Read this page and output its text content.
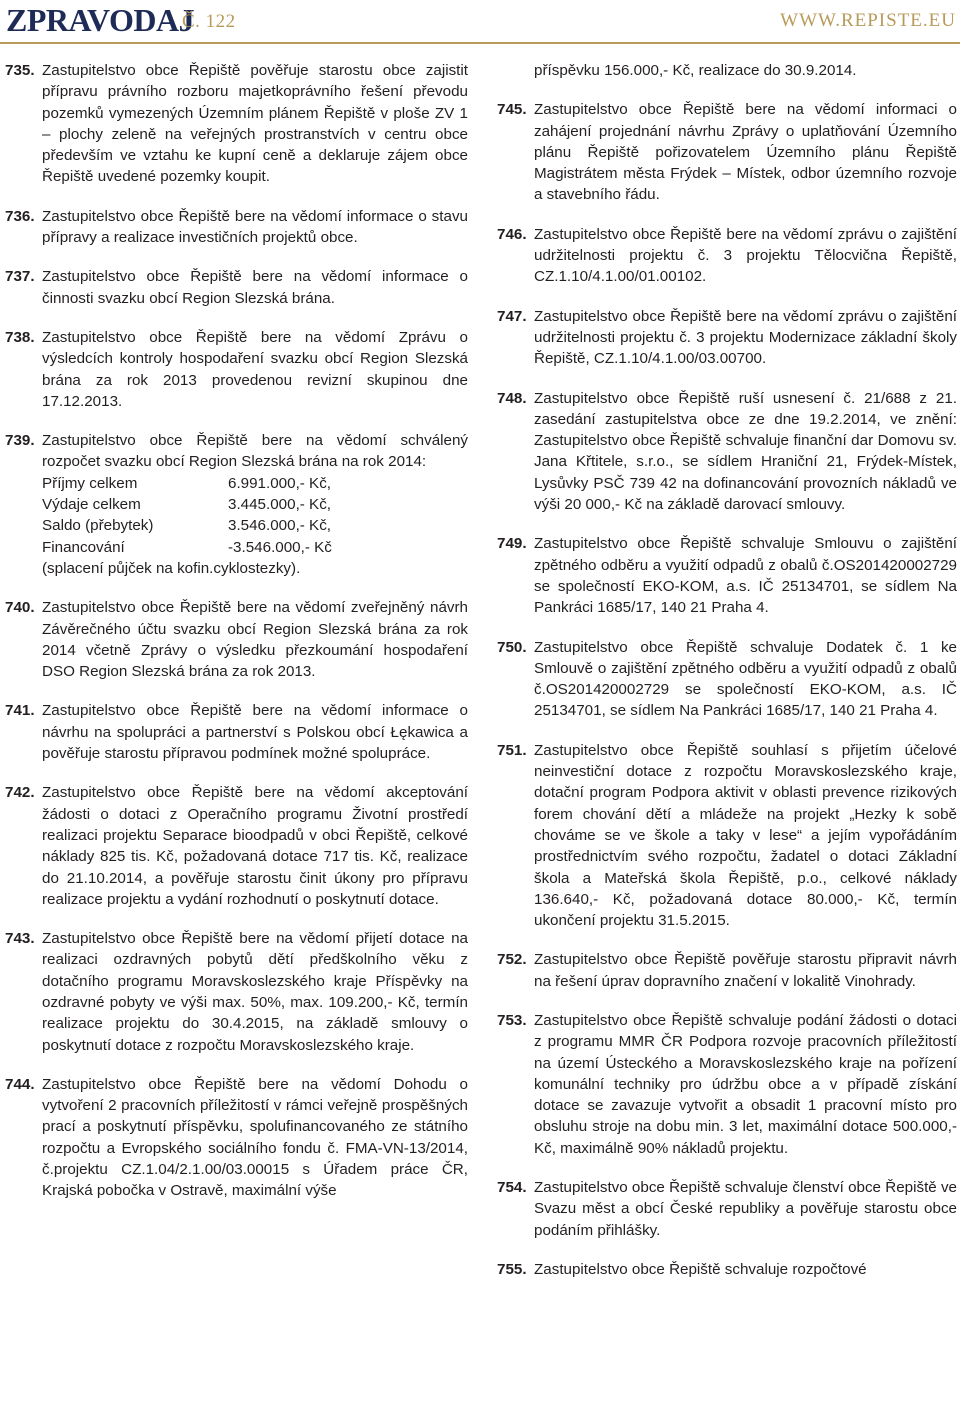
ZPRAVODAJ
Č. 122	WWW.REPISTE.EU
735. Zastupitelstvo obce Řepiště pověřuje starostu obce zajistit přípravu právního rozboru majetkoprávního řešení převodu pozemků vymezených Územním plánem Řepiště v ploše ZV 1 – plochy zeleně na veřejných prostranstvích v centru obce především ve vztahu ke kupní ceně a deklaruje zájem obce Řepiště uvedené pozemky koupit.
736. Zastupitelstvo obce Řepiště bere na vědomí informace o stavu přípravy a realizace investičních projektů obce.
737. Zastupitelstvo obce Řepiště bere na vědomí informace o činnosti svazku obcí Region Slezská brána.
738. Zastupitelstvo obce Řepiště bere na vědomí Zprávu o výsledcích kontroly hospodaření svazku obcí Region Slezská brána za rok 2013 provedenou revizní skupinou dne 17.12.2013.
739. Zastupitelstvo obce Řepiště bere na vědomí schválený rozpočet svazku obcí Region Slezská brána na rok 2014:
Příjmy celkem	6.991.000,- Kč,
Výdaje celkem	3.445.000,- Kč,
Saldo (přebytek)	3.546.000,- Kč,
Financování	-3.546.000,- Kč
(splacení půjček na kofin.cyklostezky).
740. Zastupitelstvo obce Řepiště bere na vědomí zveřejněný návrh Závěrečného účtu svazku obcí Region Slezská brána za rok 2014 včetně Zprávy o výsledku přezkoumání hospodaření DSO Region Slezská brána za rok 2013.
741. Zastupitelstvo obce Řepiště bere na vědomí informace o návrhu na spolupráci a partnerství s Polskou obcí Łękawica a pověřuje starostu přípravou podmínek možné spolupráce.
742. Zastupitelstvo obce Řepiště bere na vědomí akceptování žádosti o dotaci z Operačního programu Životní prostředí realizaci projektu Separace bioodpadů v obci Řepiště, celkové náklady 825 tis. Kč, požadovaná dotace 717 tis. Kč, realizace do 21.10.2014, a pověřuje starostu činit úkony pro přípravu realizace projektu a vydání rozhodnutí o poskytnutí dotace.
743. Zastupitelstvo obce Řepiště bere na vědomí přijetí dotace na realizaci ozdravných pobytů dětí předškolního věku z dotačního programu Moravskoslezského kraje Příspěvky na ozdravné pobyty ve výši max. 50%, max. 109.200,- Kč, termín realizace projektu do 30.4.2015, na základě smlouvy o poskytnutí dotace z rozpočtu Moravskoslezského kraje.
744. Zastupitelstvo obce Řepiště bere na vědomí Dohodu o vytvoření 2 pracovních příležitostí v rámci veřejně prospěšných prací a poskytnutí příspěvku, spolufinancovaného ze státního rozpočtu a Evropského sociálního fondu č. FMA-VN-13/2014, č.projektu CZ.1.04/2.1.00/03.00015 s Úřadem práce ČR, Krajská pobočka v Ostravě, maximální výše
příspěvku 156.000,- Kč, realizace do 30.9.2014.
745. Zastupitelstvo obce Řepiště bere na vědomí informaci o zahájení projednání návrhu Zprávy o uplatňování Územního plánu Řepiště pořizovatelem Územního plánu Řepiště Magistrátem města Frýdek – Místek, odbor územního rozvoje a stavebního řádu.
746. Zastupitelstvo obce Řepiště bere na vědomí zprávu o zajištění udržitelnosti projektu č. 3 projektu Tělocvična Řepiště, CZ.1.10/4.1.00/01.00102.
747. Zastupitelstvo obce Řepiště bere na vědomí zprávu o zajištění udržitelnosti projektu č. 3 projektu Modernizace základní školy Řepiště, CZ.1.10/4.1.00/03.00700.
748. Zastupitelstvo obce Řepiště ruší usnesení č. 21/688 z 21. zasedání zastupitelstva obce ze dne 19.2.2014, ve znění: Zastupitelstvo obce Řepiště schvaluje finanční dar Domovu sv. Jana Křtitele, s.r.o., se sídlem Hraniční 21, Frýdek-Místek, Lysůvky PSČ 739 42 na dofinancování provozních nákladů ve výši 20 000,- Kč na základě darovací smlouvy.
749. Zastupitelstvo obce Řepiště schvaluje Smlouvu o zajištění zpětného odběru a využití odpadů z obalů č.OS201420002729 se společností EKO-KOM, a.s. IČ 25134701, se sídlem Na Pankráci 1685/17, 140 21 Praha 4.
750. Zastupitelstvo obce Řepiště schvaluje Dodatek č. 1 ke Smlouvě o zajištění zpětného odběru a využití odpadů z obalů č.OS201420002729 se společností EKO-KOM, a.s. IČ 25134701, se sídlem Na Pankráci 1685/17, 140 21 Praha 4.
751. Zastupitelstvo obce Řepiště souhlasí s přijetím účelové neinvestiční dotace z rozpočtu Moravskoslezského kraje, dotační program Podpora aktivit v oblasti prevence rizikových forem chování dětí a mládeže na projekt „Hezky k sobě chováme se ve škole a taky v lese“ a jejím vypořádáním prostřednictvím svého rozpočtu, žadatel o dotaci Základní škola a Mateřská škola Řepiště, p.o., celkové náklady 136.640,- Kč, požadovaná dotace 80.000,- Kč, termín ukončení projektu 31.5.2015.
752. Zastupitelstvo obce Řepiště pověřuje starostu připravit návrh na řešení úprav dopravního značení v lokalitě Vinohrady.
753. Zastupitelstvo obce Řepiště schvaluje podání žádosti o dotaci z programu MMR ČR Podpora rozvoje pracovních příležitostí na území Ústeckého a Moravskoslezského kraje na pořízení komunální techniky pro údržbu obce a v případě získání dotace se zavazuje vytvořit a obsadit 1 pracovní místo pro obsluhu stroje na dobu min. 3 let, maximální dotace 500.000,- Kč, maximálně 90% nákladů projektu.
754. Zastupitelstvo obce Řepiště schvaluje členství obce Řepiště ve Svazu měst a obcí České republiky a pověřuje starostu obce podáním přihlášky.
755. Zastupitelstvo obce Řepiště schvaluje rozpočtové
